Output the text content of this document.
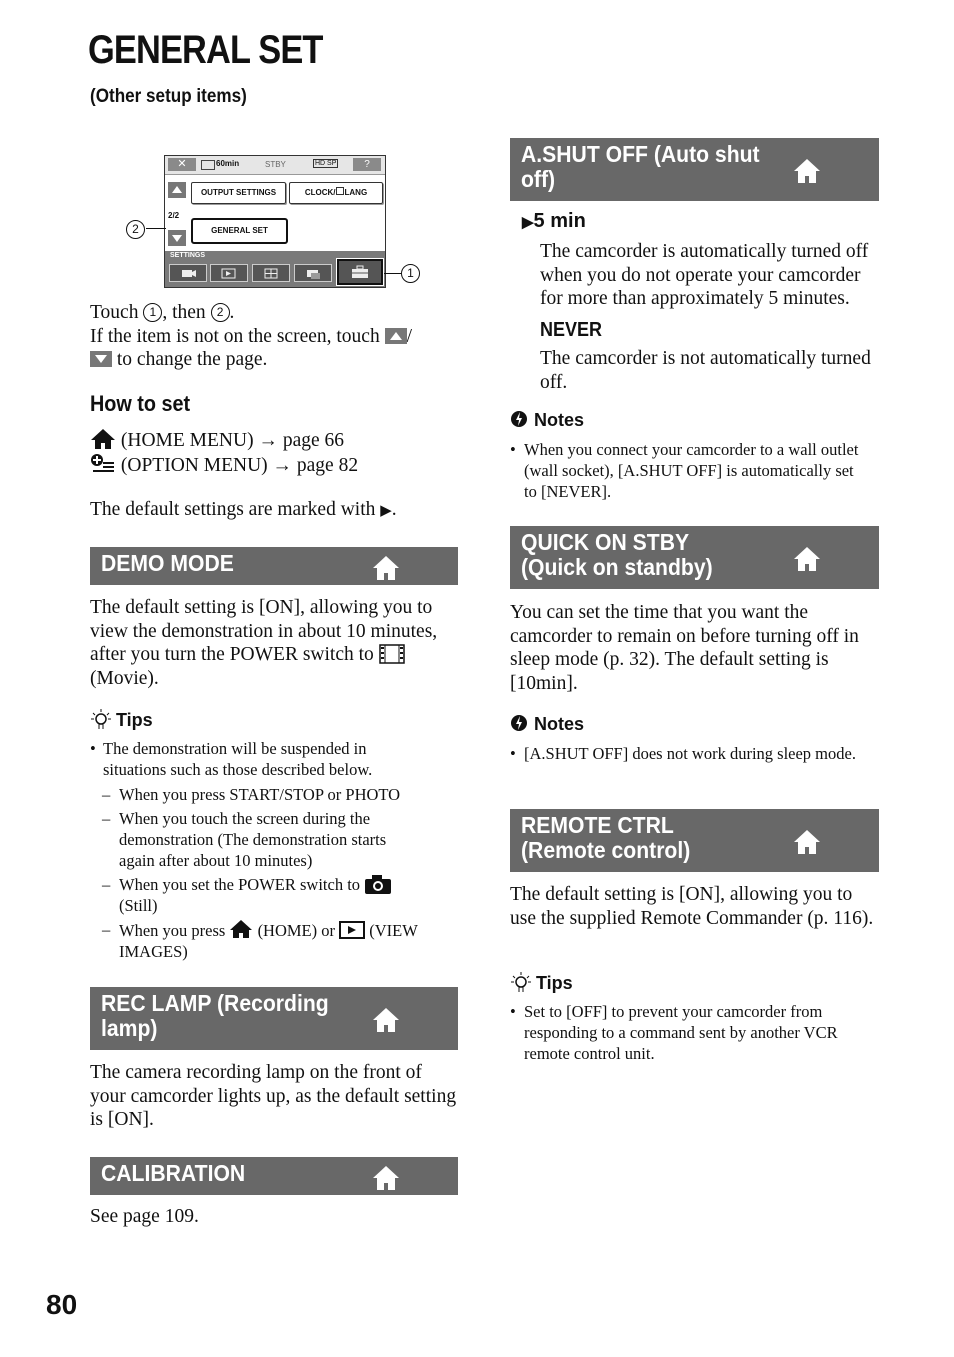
GENERAL SET
(Other setup items)
✕	60min	STBY	HD SP	?
OUTPUT SETTINGS	CLOCK/ LANG
2/2
GENERAL SET
SETTINGS
2
1
Touch 1 , then 2 .
If the item is not on the screen, touch
/
to change the page.
How to set
(HOME MENU) → page 66
(OPTION MENU) → page 82
The default settings are marked with ▶.
DEMO MODE
The default setting is [ON], allowing you to view the demonstration in about 10 minutes, after you turn the POWER switch to  (Movie).
Tips
• The demonstration will be suspended in situations such as those described below.
– When you press START/STOP or PHOTO
– When you touch the screen during the demonstration (The demonstration starts again after about 10 minutes)
– When you set the POWER switch to
(Still)
– When you press  (HOME) or  (VIEW IMAGES)
REC LAMP (Recording lamp)
The camera recording lamp on the front of your camcorder lights up, as the default setting is [ON].
CALIBRATION
See page 109.
A.SHUT OFF (Auto shut off)
▶5 min
The camcorder is automatically turned off when you do not operate your camcorder for more than approximately 5 minutes.
NEVER
The camcorder is not automatically turned off.
Notes
• When you connect your camcorder to a wall outlet (wall socket), [A.SHUT OFF] is automatically set to [NEVER].
QUICK ON STBY (Quick on standby)
You can set the time that you want the camcorder to remain on before turning off in sleep mode (p. 32). The default setting is [10min].
Notes
• [A.SHUT OFF] does not work during sleep mode.
REMOTE CTRL (Remote control)
The default setting is [ON], allowing you to use the supplied Remote Commander (p. 116).
Tips
• Set to [OFF] to prevent your camcorder from responding to a command sent by another VCR remote control unit.
80
